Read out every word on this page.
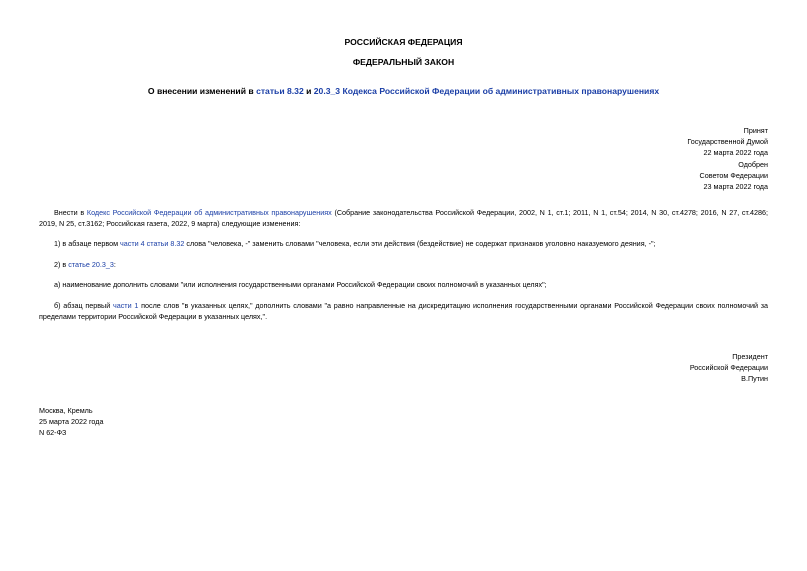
РОССИЙСКАЯ ФЕДЕРАЦИЯ
ФЕДЕРАЛЬНЫЙ ЗАКОН
О внесении изменений в статьи 8.32 и 20.3_3 Кодекса Российской Федерации об административных правонарушениях
Принят
Государственной Думой
22 марта 2022 года
Одобрен
Советом Федерации
23 марта 2022 года
Внести в Кодекс Российской Федерации об административных правонарушениях (Собрание законодательства Российской Федерации, 2002, N 1, ст.1; 2011, N 1, ст.54; 2014, N 30, ст.4278; 2016, N 27, ст.4286; 2019, N 25, ст.3162; Российская газета, 2022, 9 марта) следующие изменения:
1) в абзаце первом части 4 статьи 8.32 слова "человека, -" заменить словами "человека, если эти действия (бездействие) не содержат признаков уголовно наказуемого деяния, -";
2) в статье 20.3_3:
а) наименование дополнить словами "или исполнения государственными органами Российской Федерации своих полномочий в указанных целях";
б) абзац первый части 1 после слов "в указанных целях," дополнить словами "а равно направленные на дискредитацию исполнения государственными органами Российской Федерации своих полномочий за пределами территории Российской Федерации в указанных целях,".
Президент
Российской Федерации
В.Путин
Москва, Кремль
25 марта 2022 года
N 62-ФЗ
